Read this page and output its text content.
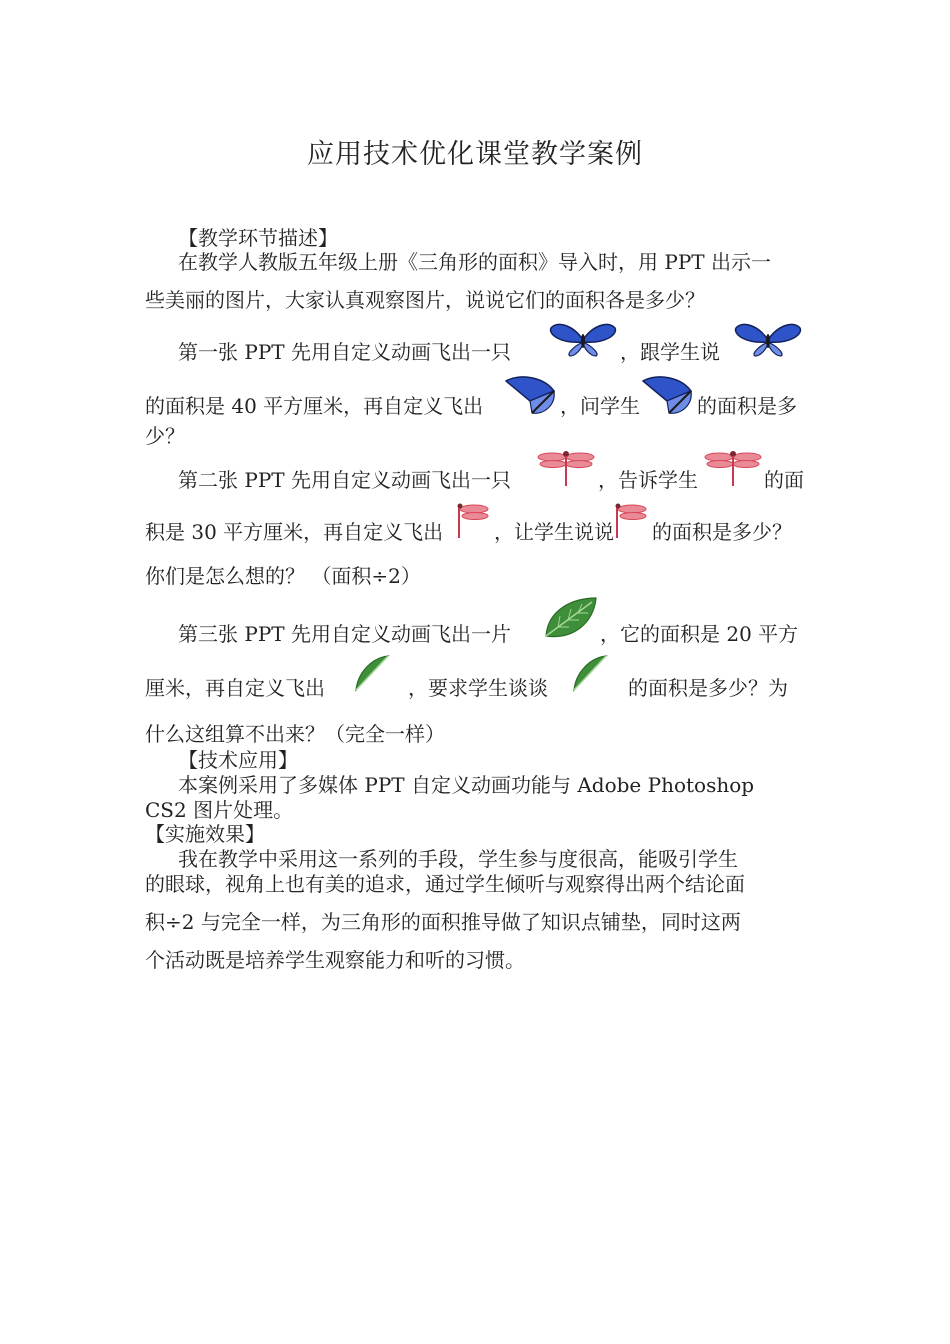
应用技术优化课堂教学案例
【教学环节描述】
在教学人教版五年级上册《三角形的面积》导入时，用 PPT 出示一
些美丽的图片，大家认真观察图片，说说它们的面积各是多少？
第一张 PPT 先用自定义动画飞出一只	，跟学生说
的面积是 40 平方厘米，再自定义飞出	，问学生	的面积是多
少？
第二张 PPT 先用自定义动画飞出一只	，告诉学生	的面
积是 30 平方厘米，再自定义飞出	，让学生说说 的面积是多少？
你们是怎么想的？ （面积÷2）
第三张 PPT 先用自定义动画飞出一片	，它的面积是 20 平方
厘米，再自定义飞出	，要求学生谈谈	的面积是多少？为
什么这组算不出来？（完全一样）
【技术应用】
本案例采用了多媒体 PPT 自定义动画功能与 Adobe Photoshop
CS2 图片处理。
【实施效果】
我在教学中采用这一系列的手段，学生参与度很高，能吸引学生
的眼球，视角上也有美的追求，通过学生倾听与观察得出两个结论面
积÷2 与完全一样，为三角形的面积推导做了知识点铺垫，同时这两
个活动既是培养学生观察能力和听的习惯。
